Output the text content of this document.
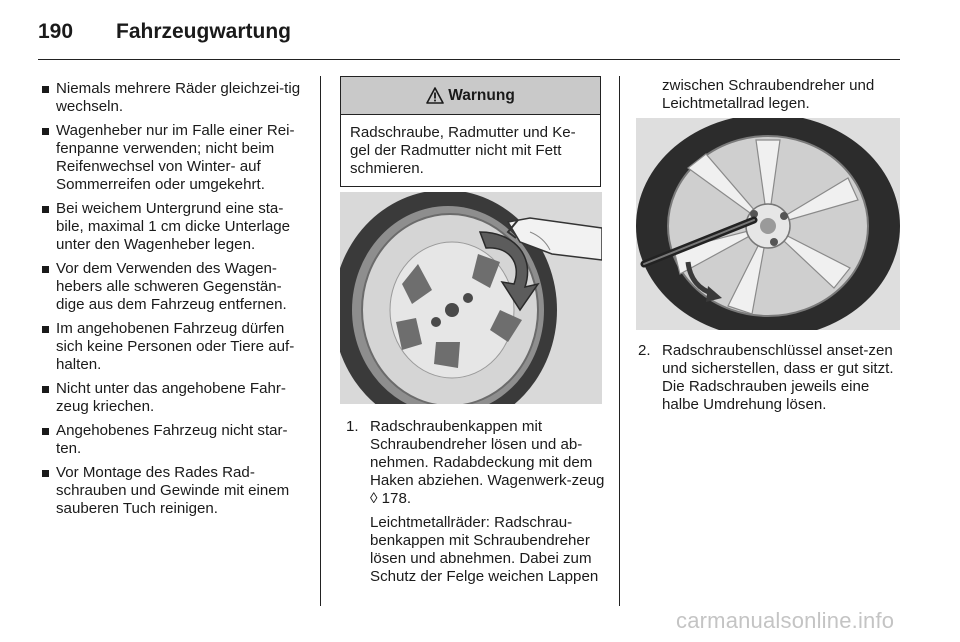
190 Fahrzeugwartung
Niemals mehrere Räder gleichzei-tig wechseln.
Wagenheber nur im Falle einer Rei-fenpanne verwenden; nicht beim Reifenwechsel von Winter- auf Sommerreifen oder umgekehrt.
Bei weichem Untergrund eine sta-bile, maximal 1 cm dicke Unterlage unter den Wagenheber legen.
Vor dem Verwenden des Wagen-hebers alle schweren Gegenstän-dige aus dem Fahrzeug entfernen.
Im angehobenen Fahrzeug dürfen sich keine Personen oder Tiere auf-halten.
Nicht unter das angehobene Fahr-zeug kriechen.
Angehobenes Fahrzeug nicht star-ten.
Vor Montage des Rades Rad-schrauben und Gewinde mit einem sauberen Tuch reinigen.
Warnung
Radschraube, Radmutter und Ke-gel der Radmutter nicht mit Fett schmieren.
1. Radschraubenkappen mit Schraubendreher lösen und ab-nehmen. Radabdeckung mit dem Haken abziehen. Wagenwerk-zeug ◊ 178.

Leichtmetallräder: Radschrau-benkappen mit Schraubendreher lösen und abnehmen. Dabei zum Schutz der Felge weichen Lappen

zwischen Schraubendreher und Leichtmetallrad legen.
2. Radschraubenschlüssel anset-zen und sicherstellen, dass er gut sitzt. Die Radschrauben jeweils eine halbe Umdrehung lösen.

carmanualsonline.info
